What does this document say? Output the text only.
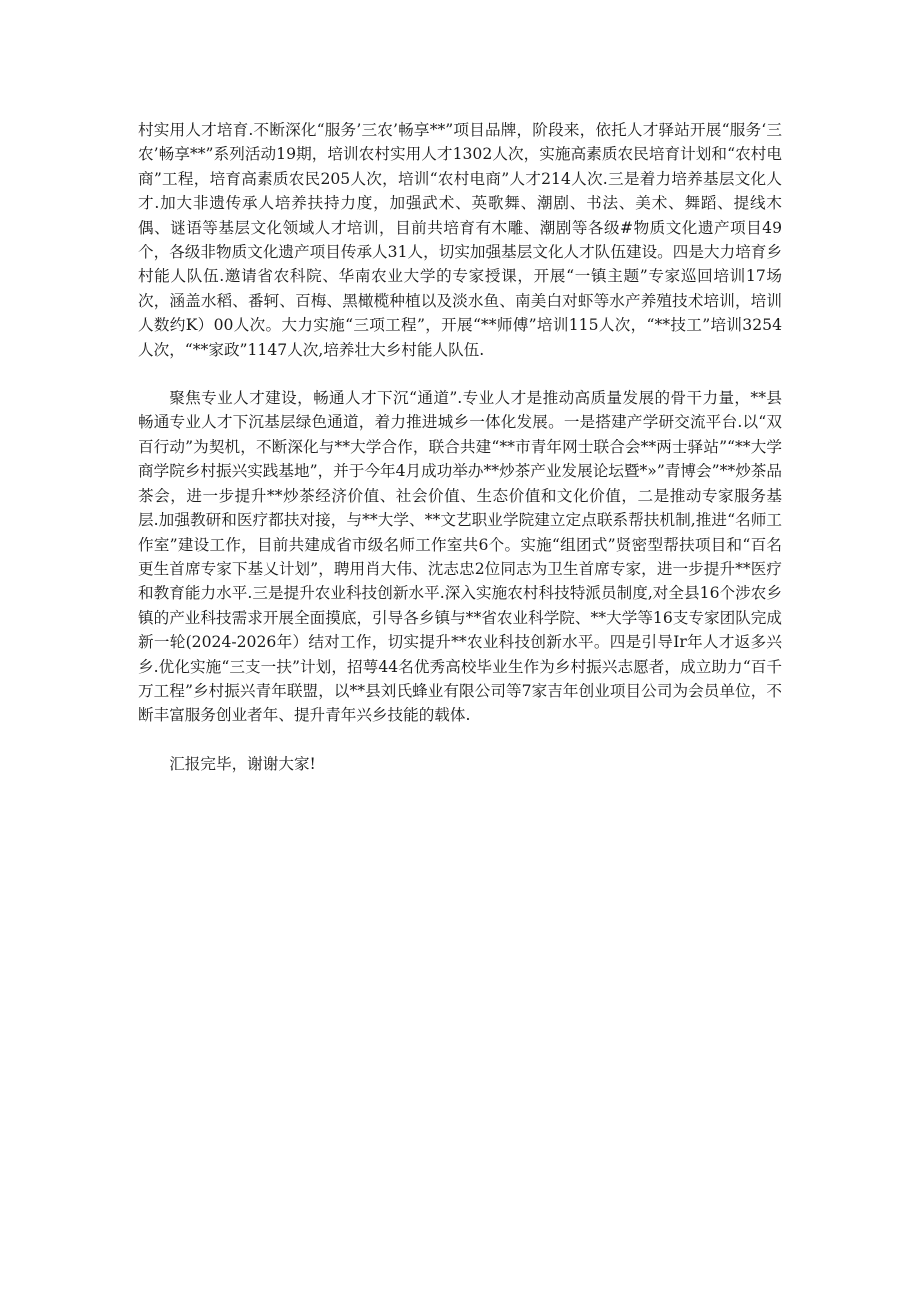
村实用人才培育.不断深化“服务’三农’畅享**”项目品牌，阶段来，依托人才驿站开展“服务‘三农’畅享**”系列活动19期，培训农村实用人才1302人次，实施高素质农民培育计划和“农村电商”工程，培育高素质农民205人次，培训“农村电商”人才214人次.三是着力培养基层文化人才.加大非遗传承人培养扶持力度，加强武术、英歌舞、潮剧、书法、美术、舞蹈、提线木偶、谜语等基层文化领域人才培训，目前共培育有木雕、潮剧等各级#物质文化遗产项目49个，各级非物质文化遗产项目传承人31人，切实加强基层文化人才队伍建设。四是大力培育乡村能人队伍.邀请省农科院、华南农业大学的专家授课，开展“一镇主题”专家巡回培训17场次，涵盖水稻、番轲、百梅、黑橄榄种植以及淡水鱼、南美白对虾等水产养殖技术培训，培训人数约K）00人次。大力实施“三项工程”，开展“**师傅”培训115人次，“**技工”培训3254人次，“**家政”1147人次,培养壮大乡村能人队伍.

聚焦专业人才建设，畅通人才下沉“通道”.专业人才是推动高质量发展的骨干力量，**县畅通专业人才下沉基层绿色通道，着力推进城乡一体化发展。一是搭建产学研交流平台.以“双百行动”为契机，不断深化与**大学合作，联合共建“**市青年网士联合会**两士驿站”“**大学商学院乡村振兴实践基地”，并于今年4月成功举办**炒茶产业发展论坛暨*»”青博会”**炒茶品茶会，进一步提升**炒茶经济价值、社会价值、生态价值和文化价值，二是推动专家服务基层.加强教研和医疗都扶对接，与**大学、**文艺职业学院建立定点联系帮扶机制,推进“名师工作室”建设工作，目前共建成省市级名师工作室共6个。实施“组团式”贤密型帮扶项目和“百名更生首席专家下基乂计划”，聘用肖大伟、沈志忠2位同志为卫生首席专家，进一步提升**医疗和教育能力水平.三是提升农业科技创新水平.深入实施农村科技特派员制度,对全县16个涉农乡镇的产业科技需求开展全面摸底，引导各乡镇与**省农业科学院、**大学等16支专家团队完成新一轮(2024-2026年）结对工作，切实提升**农业科技创新水平。四是引导Ir年人才返多兴乡.优化实施“三支一扶”计划，招萼44名优秀高校毕业生作为乡村振兴志愿者，成立助力“百千万工程”乡村振兴青年联盟，以**县刘氏蜂业有限公司等7家吉年创业项目公司为会员单位，不断丰富服务创业者年、提升青年兴乡技能的载体.

汇报完毕，谢谢大家!
